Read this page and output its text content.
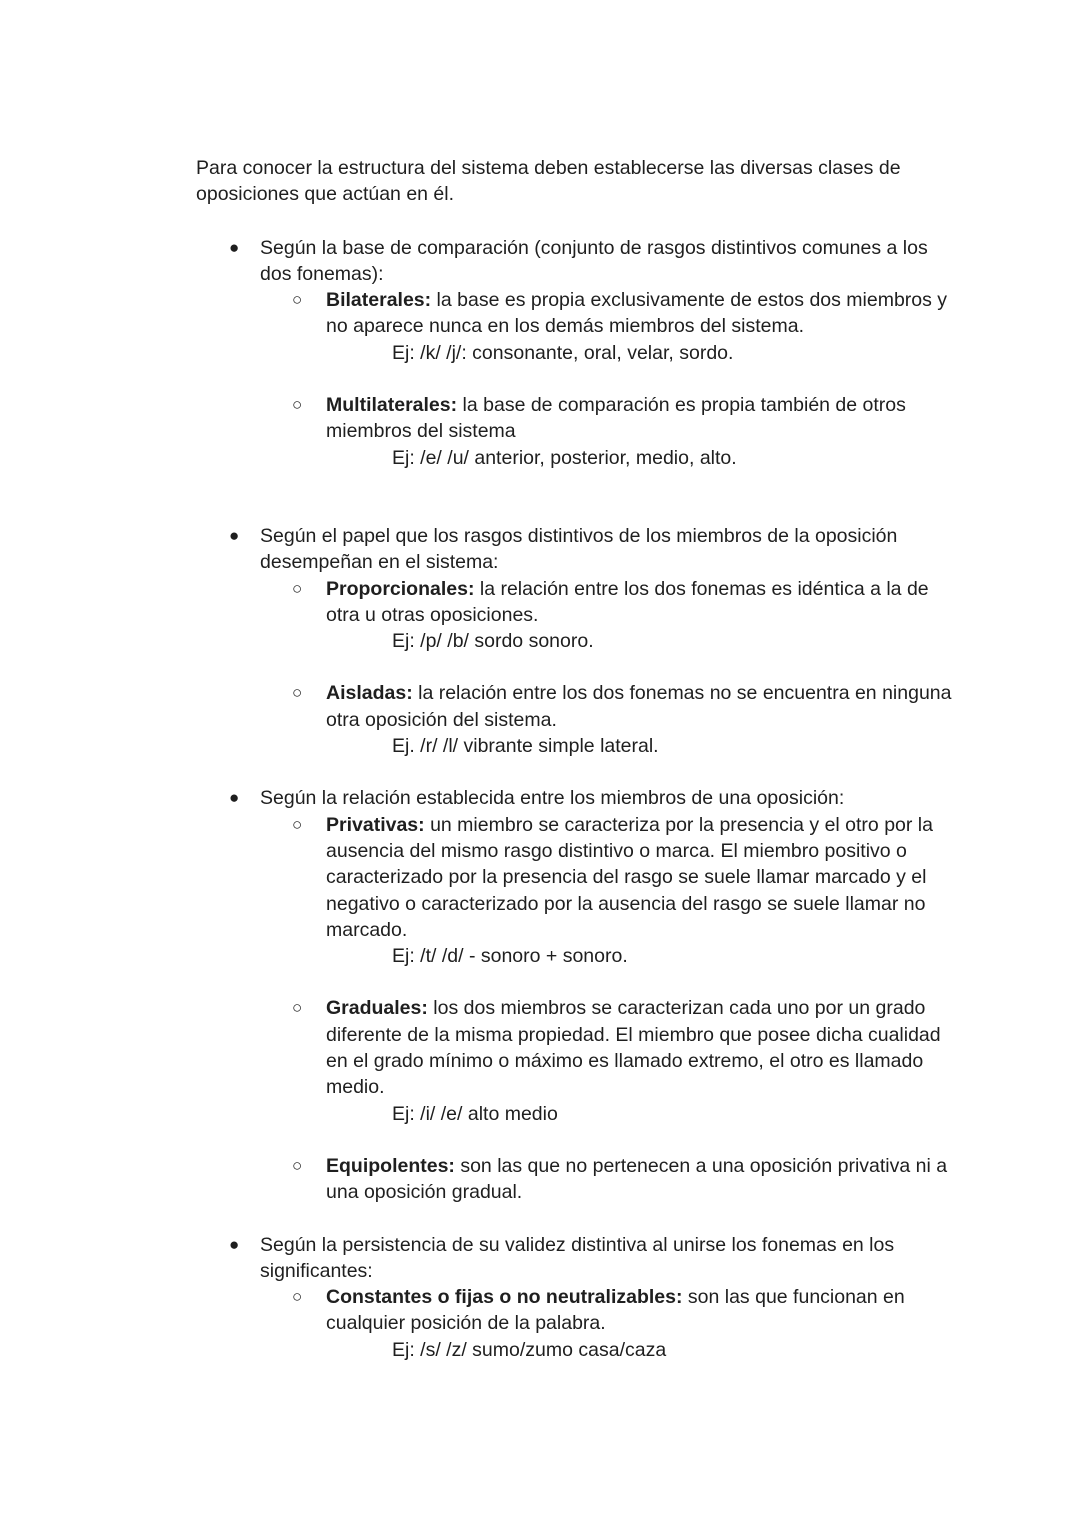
Para conocer la estructura del sistema deben establecerse las diversas clases de oposiciones que actúan en él.

●	Según la base de comparación (conjunto de rasgos distintivos comunes a los dos fonemas):
○ Bilaterales: la base es propia exclusivamente de estos dos miembros y no aparece nunca en los demás miembros del sistema.
Ej: /k/ /j/: consonante, oral, velar, sordo.
○ Multilaterales: la base de comparación es propia también de otros miembros del sistema
Ej: /e/ /u/ anterior, posterior, medio, alto.
●	Según el papel que los rasgos distintivos de los miembros de la oposición desempeñan en el sistema:
○ Proporcionales: la relación entre los dos fonemas es idéntica a la de otra u otras oposiciones.
Ej: /p/ /b/ sordo sonoro.
○ Aisladas: la relación entre los dos fonemas no se encuentra en ninguna otra oposición del sistema.
Ej. /r/ /l/ vibrante simple lateral.
●	Según la relación establecida entre los miembros de una oposición:
○ Privativas: un miembro se caracteriza por la presencia y el otro por la ausencia del mismo rasgo distintivo o marca. El miembro positivo o caracterizado por la presencia del rasgo se suele llamar marcado y el negativo o caracterizado por la ausencia del rasgo se suele llamar no marcado.
Ej: /t/ /d/ - sonoro + sonoro.
○ Graduales: los dos miembros se caracterizan cada uno por un grado diferente de la misma propiedad. El miembro que posee dicha cualidad en el grado mínimo o máximo es llamado extremo, el otro es llamado medio.
Ej: /i/ /e/ alto medio
○ Equipolentes: son las que no pertenecen a una oposición privativa ni a una oposición gradual.
●	Según la persistencia de su validez distintiva al unirse los fonemas en los significantes:
○ Constantes o fijas o no neutralizables: son las que funcionan en cualquier posición de la palabra.
Ej: /s/ /z/ sumo/zumo casa/caza
